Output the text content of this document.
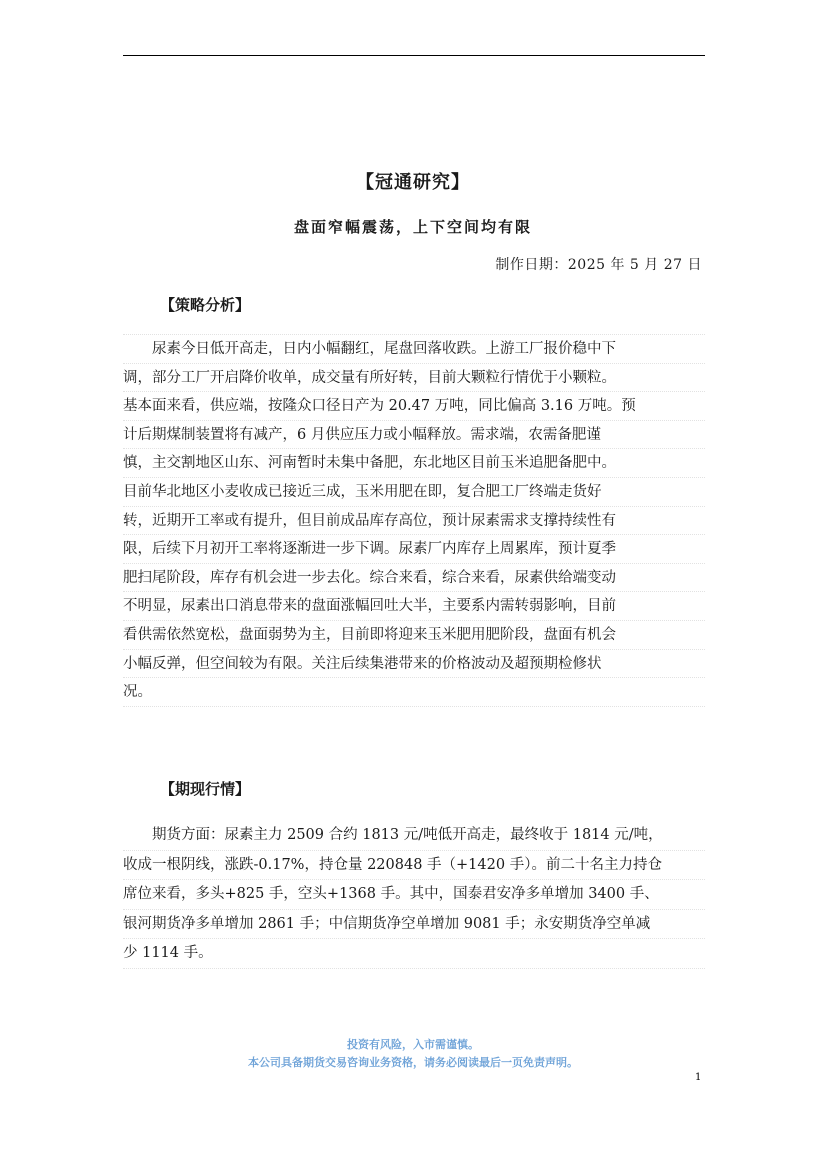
【冠通研究】
盘面窄幅震荡，上下空间均有限
制作日期：2025 年 5 月 27 日
【策略分析】
　　尿素今日低开高走，日内小幅翻红，尾盘回落收跌。上游工厂报价稳中下
调，部分工厂开启降价收单，成交量有所好转，目前大颗粒行情优于小颗粒。
基本面来看，供应端，按隆众口径日产为 20.47 万吨，同比偏高 3.16 万吨。预
计后期煤制装置将有减产，6 月供应压力或小幅释放。需求端，农需备肥谨
慎，主交割地区山东、河南暂时未集中备肥，东北地区目前玉米追肥备肥中。
目前华北地区小麦收成已接近三成，玉米用肥在即，复合肥工厂终端走货好
转，近期开工率或有提升，但目前成品库存高位，预计尿素需求支撑持续性有
限，后续下月初开工率将逐渐进一步下调。尿素厂内库存上周累库，预计夏季
肥扫尾阶段，库存有机会进一步去化。综合来看，综合来看，尿素供给端变动
不明显，尿素出口消息带来的盘面涨幅回吐大半，主要系内需转弱影响，目前
看供需依然宽松，盘面弱势为主，目前即将迎来玉米肥用肥阶段，盘面有机会
小幅反弹，但空间较为有限。关注后续集港带来的价格波动及超预期检修状
况。
【期现行情】
　　期货方面：尿素主力 2509 合约 1813 元/吨低开高走，最终收于 1814 元/吨，
收成一根阴线，涨跌-0.17%，持仓量 220848 手（+1420 手）。前二十名主力持仓
席位来看，多头+825 手，空头+1368 手。其中，国泰君安净多单增加 3400 手、
银河期货净多单增加 2861 手；中信期货净空单增加 9081 手；永安期货净空单减
少 1114 手。
投资有风险，入市需谨慎。
本公司具备期货交易咨询业务资格，请务必阅读最后一页免责声明。
1
